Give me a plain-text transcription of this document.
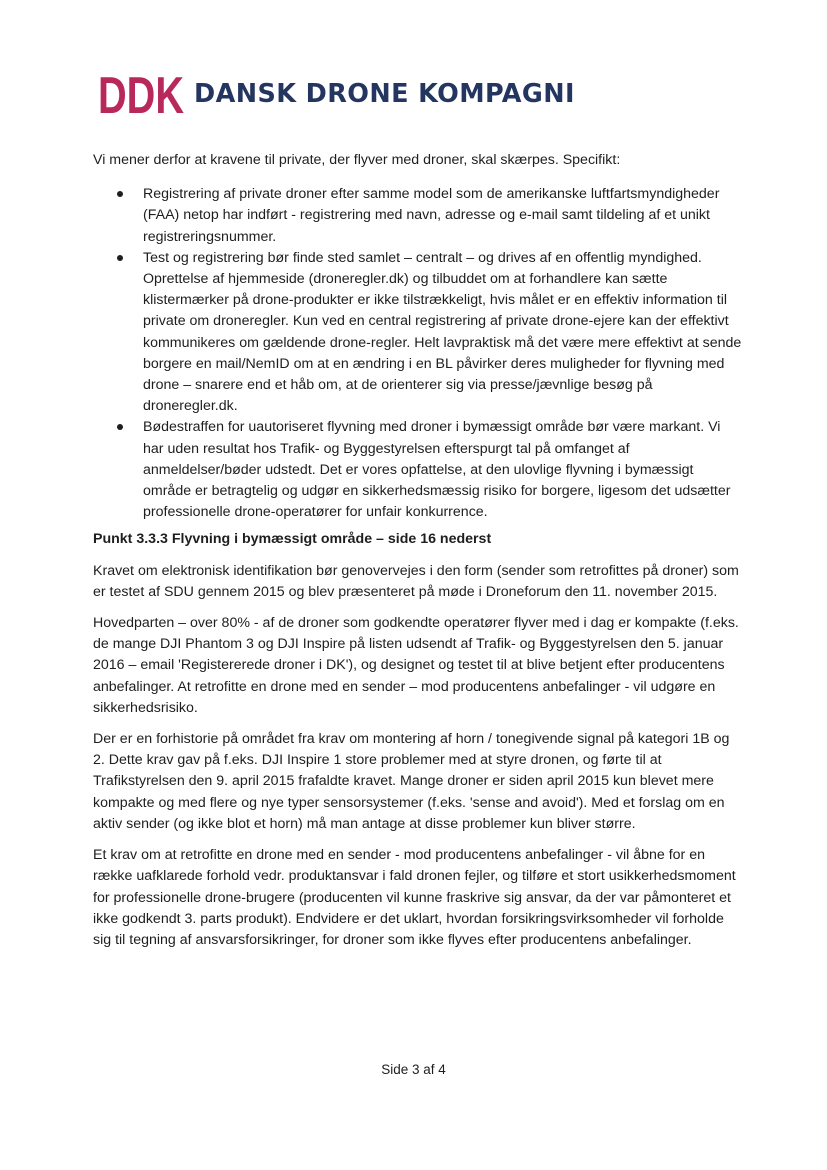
DDK DANSK DRONE KOMPAGNI

Vi mener derfor at kravene til private, der flyver med droner, skal skærpes. Specifikt:

Registrering af private droner efter samme model som de amerikanske luftfartsmyndigheder (FAA) netop har indført - registrering med navn, adresse og e-mail samt tildeling af et unikt registreringsnummer.
Test og registrering bør finde sted samlet – centralt – og drives af en offentlig myndighed. Oprettelse af hjemmeside (droneregler.dk) og tilbuddet om at forhandlere kan sætte klistermærker på drone-produkter er ikke tilstrækkeligt, hvis målet er en effektiv information til private om droneregler. Kun ved en central registrering af private drone-ejere kan der effektivt kommunikeres om gældende drone-regler. Helt lavpraktisk må det være mere effektivt at sende borgere en mail/NemID om at en ændring i en BL påvirker deres muligheder for flyvning med drone – snarere end et håb om, at de orienterer sig via presse/jævnlige besøg på droneregler.dk.
Bødestraffen for uautoriseret flyvning med droner i bymæssigt område bør være markant. Vi har uden resultat hos Trafik- og Byggestyrelsen efterspurgt tal på omfanget af anmeldelser/bøder udstedt. Det er vores opfattelse, at den ulovlige flyvning i bymæssigt område er betragtelig og udgør en sikkerhedsmæssig risiko for borgere, ligesom det udsætter professionelle drone-operatører for unfair konkurrence.
Punkt 3.3.3 Flyvning i bymæssigt område – side 16 nederst

Kravet om elektronisk identifikation bør genovervejes i den form (sender som retrofittes på droner) som er testet af SDU gennem 2015 og blev præsenteret på møde i Droneforum den 11. november 2015.

Hovedparten – over 80% - af de droner som godkendte operatører flyver med i dag er kompakte (f.eks. de mange DJI Phantom 3 og DJI Inspire på listen udsendt af Trafik- og Byggestyrelsen den 5. januar 2016 – email 'Registererede droner i DK'), og designet og testet til at blive betjent efter producentens anbefalinger. At retrofitte en drone med en sender – mod producentens anbefalinger - vil udgøre en sikkerhedsrisiko.

Der er en forhistorie på området fra krav om montering af horn / tonegivende signal på kategori 1B og 2. Dette krav gav på f.eks. DJI Inspire 1 store problemer med at styre dronen, og førte til at Trafikstyrelsen den 9. april 2015 frafaldte kravet. Mange droner er siden april 2015 kun blevet mere kompakte og med flere og nye typer sensorsystemer (f.eks. 'sense and avoid'). Med et forslag om en aktiv sender (og ikke blot et horn) må man antage at disse problemer kun bliver større.

Et krav om at retrofitte en drone med en sender - mod producentens anbefalinger - vil åbne for en række uafklarede forhold vedr. produktansvar i fald dronen fejler, og tilføre et stort usikkerhedsmoment for professionelle drone-brugere (producenten vil kunne fraskrive sig ansvar, da der var påmonteret et ikke godkendt 3. parts produkt). Endvidere er det uklart, hvordan forsikringsvirksomheder vil forholde sig til tegning af ansvarsforsikringer, for droner som ikke flyves efter producentens anbefalinger.

Side 3 af 4
